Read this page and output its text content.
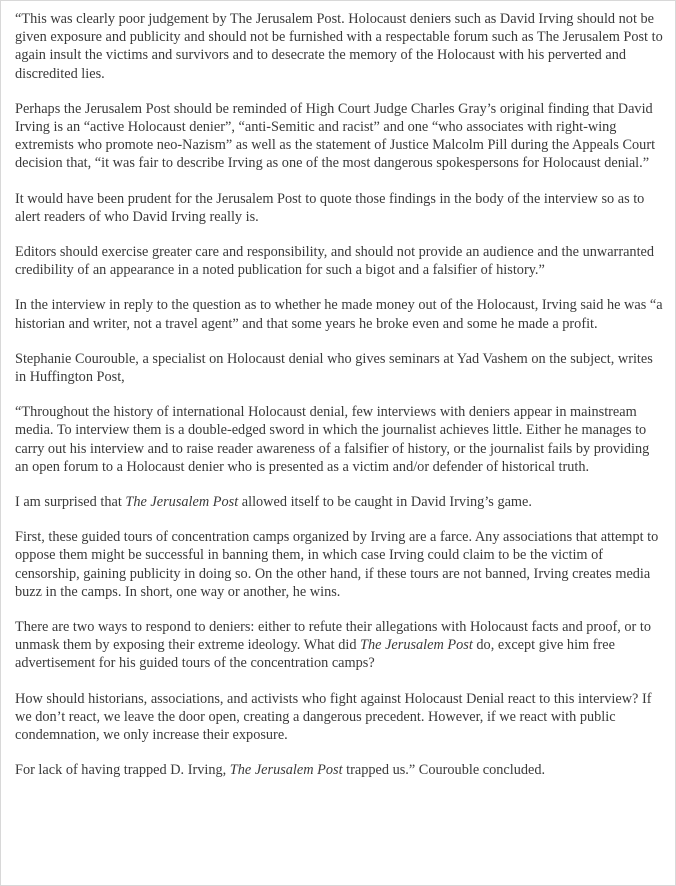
“This was clearly poor judgement by The Jerusalem Post. Holocaust deniers such as David Irving should not be given exposure and publicity and should not be furnished with a respectable forum such as The Jerusalem Post to again insult the victims and survivors and to desecrate the memory of the Holocaust with his perverted and discredited lies.

Perhaps the Jerusalem Post should be reminded of High Court Judge Charles Gray’s original finding that David Irving is an “active Holocaust denier”, “anti-Semitic and racist” and one “who associates with right-wing extremists who promote neo-Nazism” as well as the statement of Justice Malcolm Pill during the Appeals Court decision that, “it was fair to describe Irving as one of the most dangerous spokespersons for Holocaust denial.”

It would have been prudent for the Jerusalem Post to quote those findings in the body of the interview so as to alert readers of who David Irving really is.

Editors should exercise greater care and responsibility, and should not provide an audience and the unwarranted credibility of an appearance in a noted publication for such a bigot and a falsifier of history.”

In the interview in reply to the question as to whether he made money out of the Holocaust, Irving said he was “a historian and writer, not a travel agent” and that some years he broke even and some he made a profit.

Stephanie Courouble, a specialist on Holocaust denial who gives seminars at Yad Vashem on the subject, writes in Huffington Post,

“Throughout the history of international Holocaust denial, few interviews with deniers appear in mainstream media. To interview them is a double-edged sword in which the journalist achieves little. Either he manages to carry out his interview and to raise reader awareness of a falsifier of history, or the journalist fails by providing an open forum to a Holocaust denier who is presented as a victim and/or defender of historical truth.

I am surprised that The Jerusalem Post allowed itself to be caught in David Irving’s game.

First, these guided tours of concentration camps organized by Irving are a farce. Any associations that attempt to oppose them might be successful in banning them, in which case Irving could claim to be the victim of censorship, gaining publicity in doing so. On the other hand, if these tours are not banned, Irving creates media buzz in the camps. In short, one way or another, he wins.

There are two ways to respond to deniers: either to refute their allegations with Holocaust facts and proof, or to unmask them by exposing their extreme ideology. What did The Jerusalem Post do, except give him free advertisement for his guided tours of the concentration camps?

How should historians, associations, and activists who fight against Holocaust Denial react to this interview? If we don’t react, we leave the door open, creating a dangerous precedent. However, if we react with public condemnation, we only increase their exposure.

For lack of having trapped D. Irving, The Jerusalem Post trapped us.” Courouble concluded.
